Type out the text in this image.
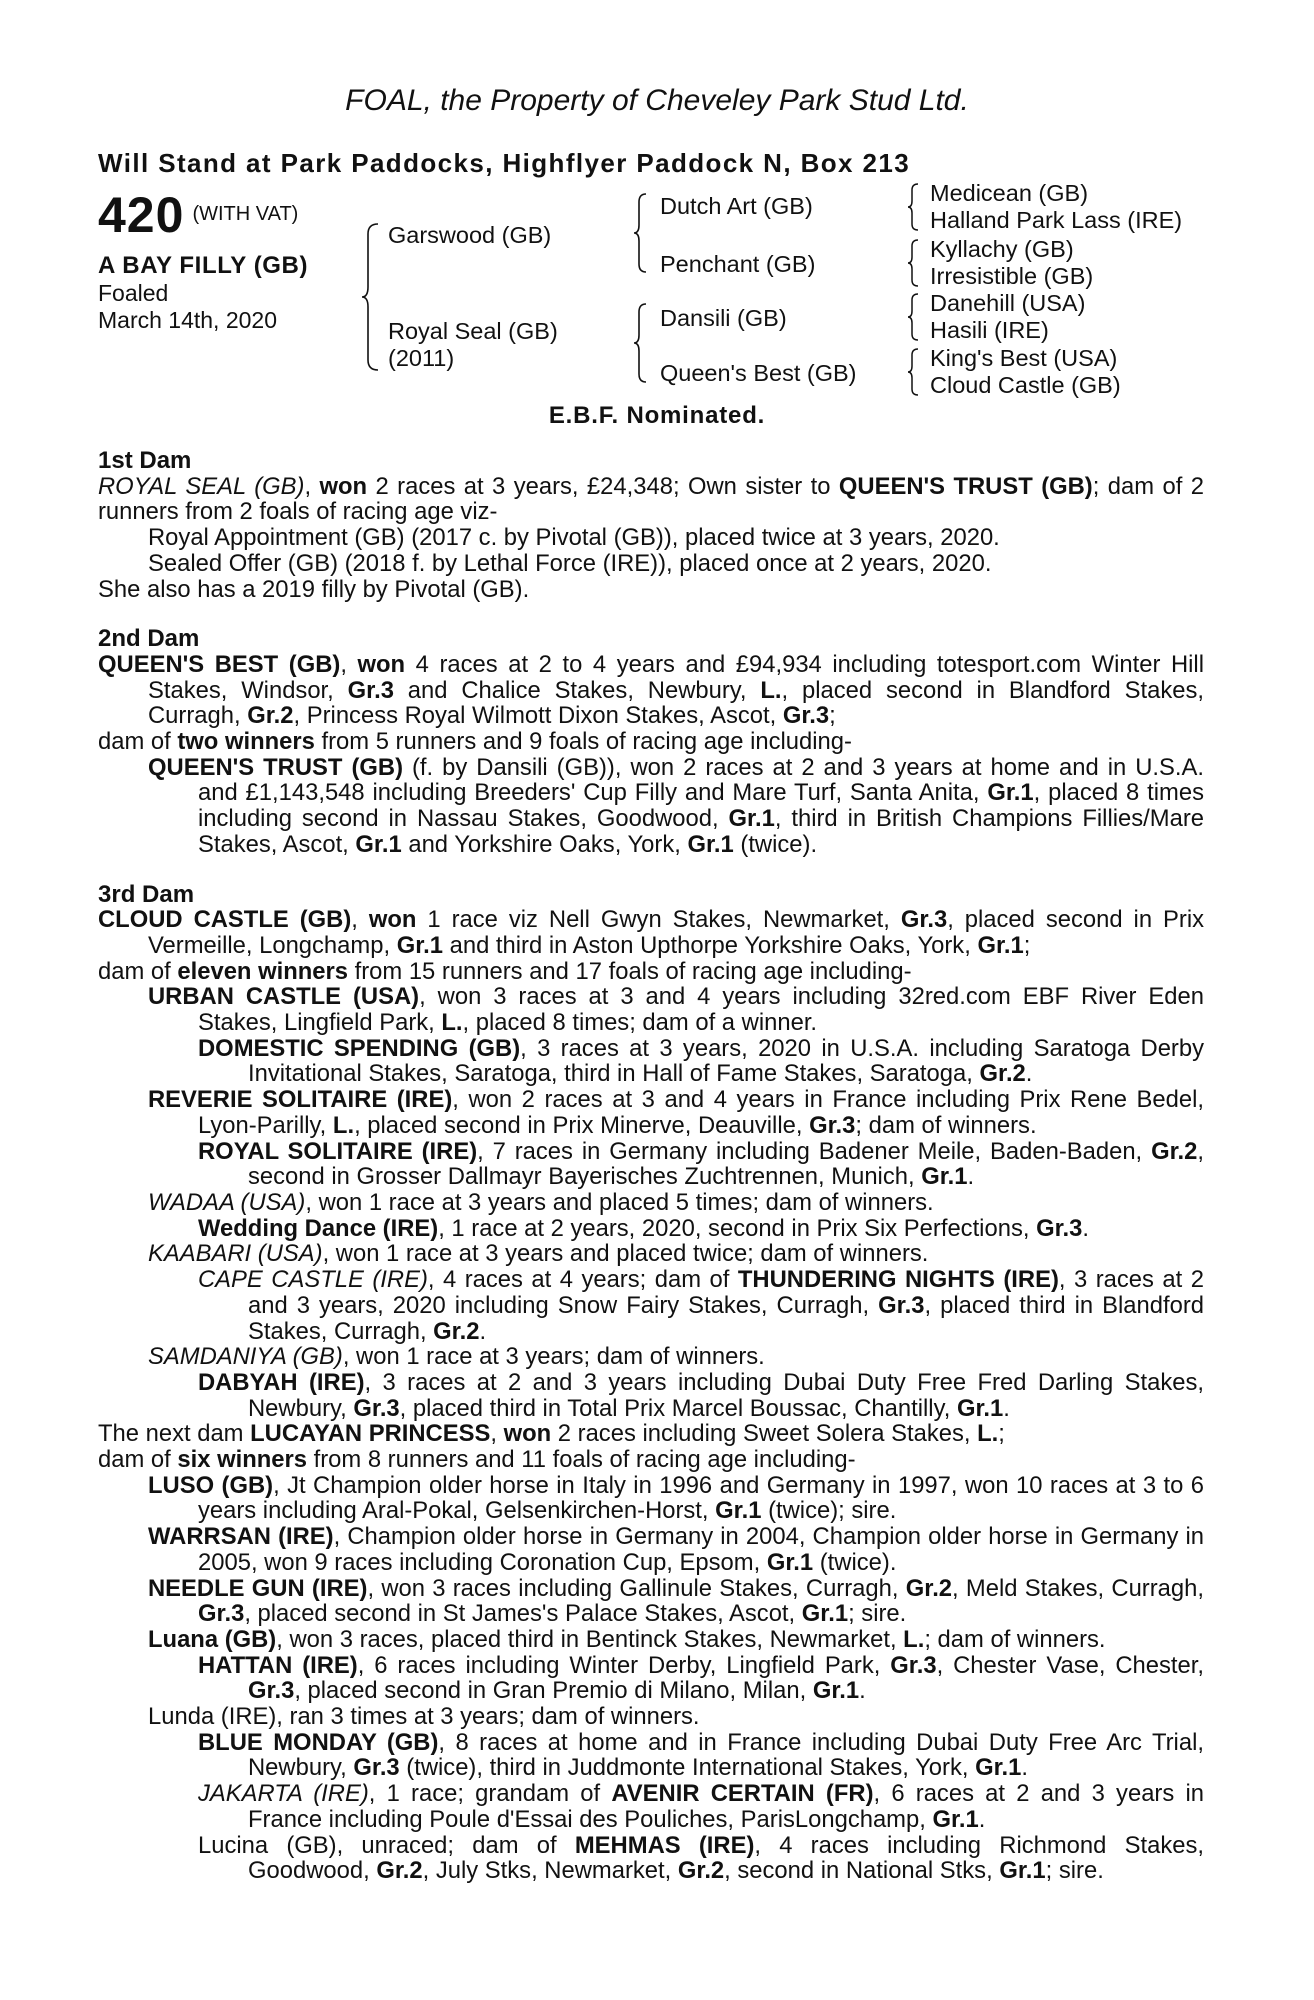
FOAL, the Property of Cheveley Park Stud Ltd.
Will Stand at Park Paddocks, Highflyer Paddock N, Box 213
420 (WITH VAT)
A BAY FILLY (GB)
Foaled
March 14th, 2020
Garswood (GB)
Royal Seal (GB)
(2011)
Dutch Art (GB)
Penchant (GB)
Dansili (GB)
Queen's Best (GB)
Medicean (GB)
Halland Park Lass (IRE)
Kyllachy (GB)
Irresistible (GB)
Danehill (USA)
Hasili (IRE)
King's Best (USA)
Cloud Castle (GB)
E.B.F. Nominated.
1st Dam

ROYAL SEAL (GB), won 2 races at 3 years, £24,348; Own sister to QUEEN'S TRUST (GB); dam of 2 runners from 2 foals of racing age viz-

Royal Appointment (GB) (2017 c. by Pivotal (GB)), placed twice at 3 years, 2020.

Sealed Offer (GB) (2018 f. by Lethal Force (IRE)), placed once at 2 years, 2020.

She also has a 2019 filly by Pivotal (GB).

2nd Dam

QUEEN'S BEST (GB), won 4 races at 2 to 4 years and £94,934 including totesport.com Winter Hill Stakes, Windsor, Gr.3 and Chalice Stakes, Newbury, L., placed second in Blandford Stakes, Curragh, Gr.2, Princess Royal Wilmott Dixon Stakes, Ascot, Gr.3;

dam of two winners from 5 runners and 9 foals of racing age including-

QUEEN'S TRUST (GB) (f. by Dansili (GB)), won 2 races at 2 and 3 years at home and in U.S.A. and £1,143,548 including Breeders' Cup Filly and Mare Turf, Santa Anita, Gr.1, placed 8 times including second in Nassau Stakes, Goodwood, Gr.1, third in British Champions Fillies/Mare Stakes, Ascot, Gr.1 and Yorkshire Oaks, York, Gr.1 (twice).

3rd Dam

CLOUD CASTLE (GB), won 1 race viz Nell Gwyn Stakes, Newmarket, Gr.3, placed second in Prix Vermeille, Longchamp, Gr.1 and third in Aston Upthorpe Yorkshire Oaks, York, Gr.1;

dam of eleven winners from 15 runners and 17 foals of racing age including-

URBAN CASTLE (USA), won 3 races at 3 and 4 years including 32red.com EBF River Eden Stakes, Lingfield Park, L., placed 8 times; dam of a winner.

DOMESTIC SPENDING (GB), 3 races at 3 years, 2020 in U.S.A. including Saratoga Derby Invitational Stakes, Saratoga, third in Hall of Fame Stakes, Saratoga, Gr.2.

REVERIE SOLITAIRE (IRE), won 2 races at 3 and 4 years in France including Prix Rene Bedel, Lyon-Parilly, L., placed second in Prix Minerve, Deauville, Gr.3; dam of winners.

ROYAL SOLITAIRE (IRE), 7 races in Germany including Badener Meile, Baden-Baden, Gr.2, second in Grosser Dallmayr Bayerisches Zuchtrennen, Munich, Gr.1.

WADAA (USA), won 1 race at 3 years and placed 5 times; dam of winners.

Wedding Dance (IRE), 1 race at 2 years, 2020, second in Prix Six Perfections, Gr.3.

KAABARI (USA), won 1 race at 3 years and placed twice; dam of winners.

CAPE CASTLE (IRE), 4 races at 4 years; dam of THUNDERING NIGHTS (IRE), 3 races at 2 and 3 years, 2020 including Snow Fairy Stakes, Curragh, Gr.3, placed third in Blandford Stakes, Curragh, Gr.2.

SAMDANIYA (GB), won 1 race at 3 years; dam of winners.

DABYAH (IRE), 3 races at 2 and 3 years including Dubai Duty Free Fred Darling Stakes, Newbury, Gr.3, placed third in Total Prix Marcel Boussac, Chantilly, Gr.1.

The next dam LUCAYAN PRINCESS, won 2 races including Sweet Solera Stakes, L.;

dam of six winners from 8 runners and 11 foals of racing age including-

LUSO (GB), Jt Champion older horse in Italy in 1996 and Germany in 1997, won 10 races at 3 to 6 years including Aral-Pokal, Gelsenkirchen-Horst, Gr.1 (twice); sire.

WARRSAN (IRE), Champion older horse in Germany in 2004, Champion older horse in Germany in 2005, won 9 races including Coronation Cup, Epsom, Gr.1 (twice).

NEEDLE GUN (IRE), won 3 races including Gallinule Stakes, Curragh, Gr.2, Meld Stakes, Curragh, Gr.3, placed second in St James's Palace Stakes, Ascot, Gr.1; sire.

Luana (GB), won 3 races, placed third in Bentinck Stakes, Newmarket, L.; dam of winners.

HATTAN (IRE), 6 races including Winter Derby, Lingfield Park, Gr.3, Chester Vase, Chester, Gr.3, placed second in Gran Premio di Milano, Milan, Gr.1.

Lunda (IRE), ran 3 times at 3 years; dam of winners.

BLUE MONDAY (GB), 8 races at home and in France including Dubai Duty Free Arc Trial, Newbury, Gr.3 (twice), third in Juddmonte International Stakes, York, Gr.1.

JAKARTA (IRE), 1 race; grandam of AVENIR CERTAIN (FR), 6 races at 2 and 3 years in France including Poule d'Essai des Pouliches, ParisLongchamp, Gr.1.

Lucina (GB), unraced; dam of MEHMAS (IRE), 4 races including Richmond Stakes, Goodwood, Gr.2, July Stks, Newmarket, Gr.2, second in National Stks, Gr.1; sire.
